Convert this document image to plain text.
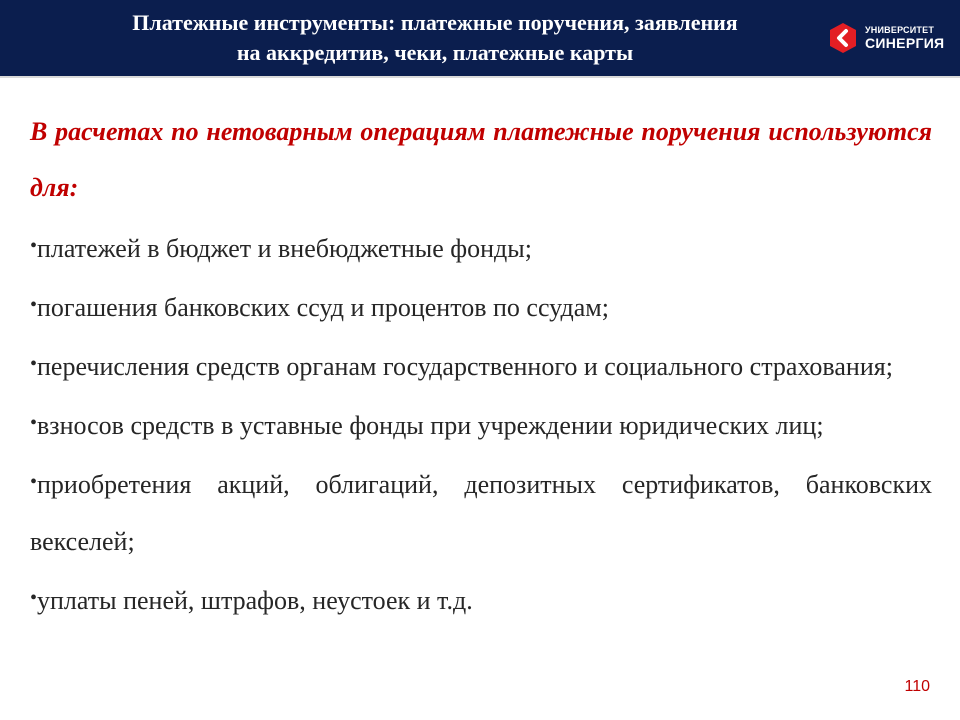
Платежные инструменты: платежные поручения, заявления
на аккредитив, чеки, платежные карты
УНИВЕРСИТЕТ
СИНЕРГИЯ

В расчетах по нетоварным операциям платежные поручения используются для:

•платежей в бюджет и внебюджетные фонды;
•погашения банковских ссуд и процентов по ссудам;
•перечисления средств органам государственного и социального страхования;
•взносов средств в уставные фонды при учреждении юридических лиц;
•приобретения акций, облигаций, депозитных сертификатов, банковских векселей;
•уплаты пеней, штрафов, неустоек и т.д.
110
